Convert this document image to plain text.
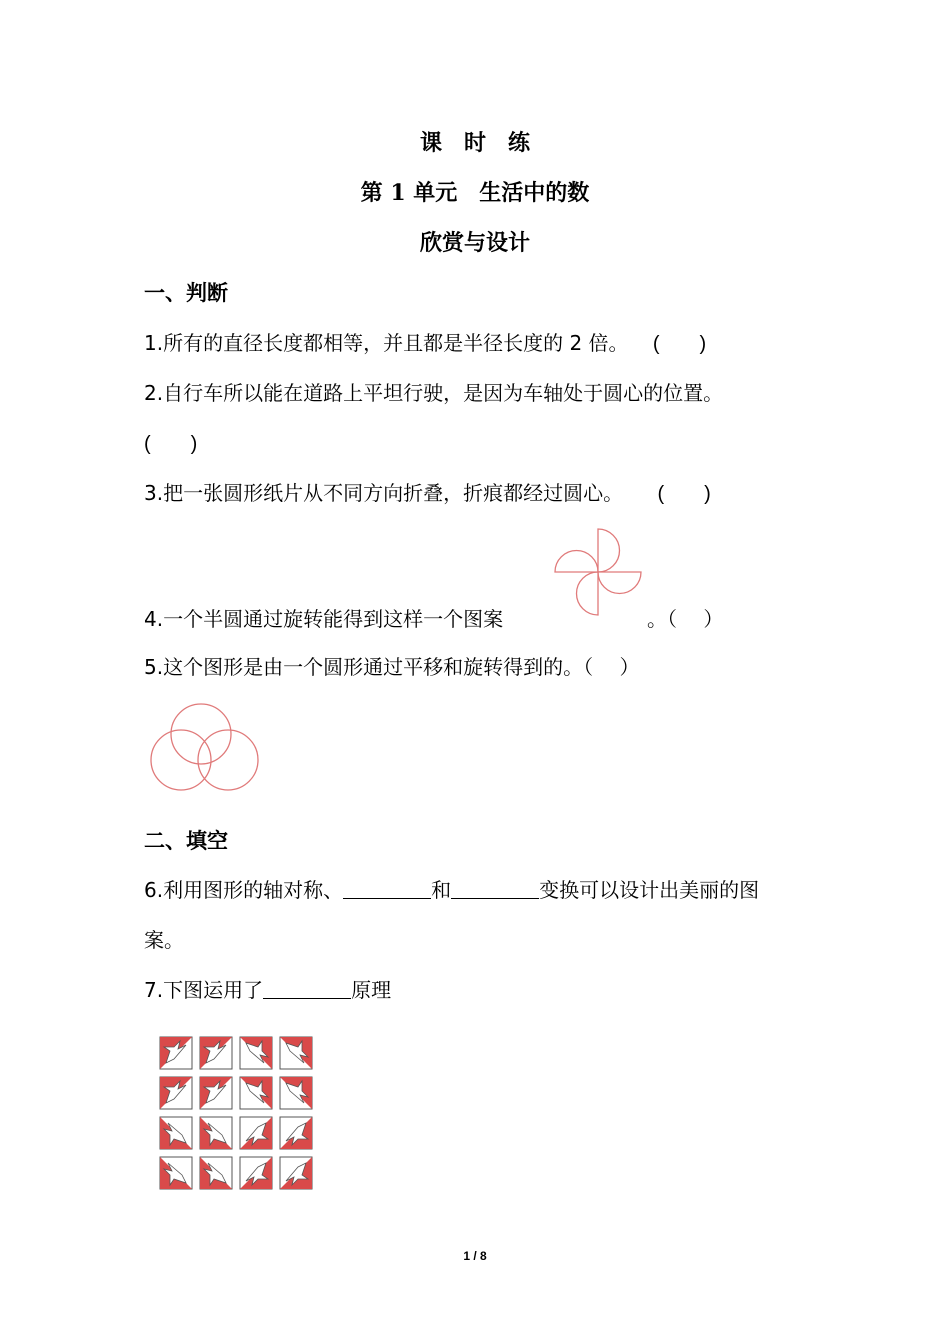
课　时　练
第 1 单元　生活中的数
欣赏与设计
一、判断
1.所有的直径长度都相等，并且都是半径长度的 2 倍。 (　　)
2.自行车所以能在道路上平坦行驶，是因为车轴处于圆心的位置。
(　　)
3.把一张圆形纸片从不同方向折叠，折痕都经过圆心。 (　　)
4.一个半圆通过旋转能得到这样一个图案	。（　 ）
5.这个图形是由一个圆形通过平移和旋转得到的。（　 ）
二、填空
6.利用图形的轴对称、	和	变换可以设计出美丽的图
案。
7.下图运用了	原理
1 / 8
